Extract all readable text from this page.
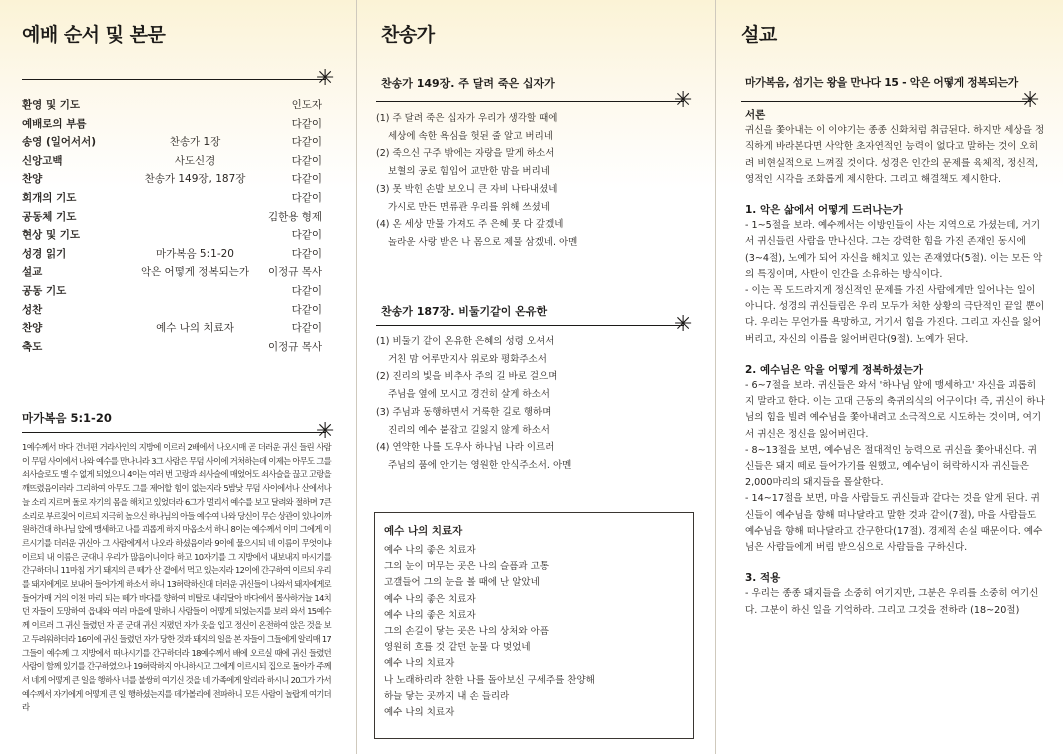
예배 순서 및 본문
✳
환영 및 기도	인도자
예배로의 부름	다같이
송영 (일어서서)	찬송가 1장	다같이
신앙고백	사도신경	다같이
찬양	찬송가 149장, 187장	다같이
회개의 기도	다같이
공동체 기도	김한용 형제
현상 및 기도	다같이
성경 읽기	마가복음 5:1-20	다같이
설교	악은 어떻게 정복되는가	이정규 목사
공동 기도	다같이
성찬	다같이
찬양	예수 나의 치료자	다같이
축도	이정규 목사
마가복음 5:1-20
✳
1예수께서 바다 건너편 거라사인의 지방에 이르러 2배에서 나오시매 곧 더러운 귀신 들린 사람이 무덤 사이에서 나와 예수를 만나니라 3그 사람은 무덤 사이에 거처하는데 이제는 아무도 그를 쇠사슬로도 맬 수 없게 되었으니 4이는 여러 번 고랑과 쇠사슬에 매었어도 쇠사슬을 끊고 고랑을 깨뜨렸음이러라 그리하여 아무도 그를 제어할 힘이 없는지라 5밤낮 무덤 사이에서나 산에서나 늘 소리 지르며 돌로 자기의 몸을 해치고 있었더라 6그가 멀리서 예수를 보고 달려와 절하며 7큰 소리로 부르짖어 이르되 지극히 높으신 하나님의 아들 예수여 나와 당신이 무슨 상관이 있나이까 원하건대 하나님 앞에 맹세하고 나를 괴롭게 하지 마옵소서 하니 8이는 예수께서 이미 그에게 이르시기를 더러운 귀신아 그 사람에게서 나오라 하셨음이라 9이에 물으시되 네 이름이 무엇이냐 이르되 내 이름은 군대니 우리가 많음이니이다 하고 10자기를 그 지방에서 내보내지 마시기를 간구하더니 11마침 거기 돼지의 큰 떼가 산 곁에서 먹고 있는지라 12이에 간구하여 이르되 우리를 돼지에게로 보내어 들어가게 하소서 하니 13허락하신대 더러운 귀신들이 나와서 돼지에게로 들어가매 거의 이천 마리 되는 떼가 바다를 향하여 비탈로 내리달아 바다에서 몰사하거늘 14치던 자들이 도망하여 읍내와 여러 마을에 말하니 사람들이 어떻게 되었는지를 보러 와서 15예수께 이르러 그 귀신 들렸던 자 곧 군대 귀신 지폈던 자가 옷을 입고 정신이 온전하여 앉은 것을 보고 두려워하더라 16이에 귀신 들렸던 자가 당한 것과 돼지의 일을 본 자들이 그들에게 알리매 17그들이 예수께 그 지방에서 떠나시기를 간구하더라 18예수께서 배에 오르실 때에 귀신 들렸던 사람이 함께 있기를 간구하였으나 19허락하지 아니하시고 그에게 이르시되 집으로 돌아가 주께서 네게 어떻게 큰 일을 행하사 너를 불쌍히 여기신 것을 네 가족에게 알리라 하시니 20그가 가서 예수께서 자기에게 어떻게 큰 일 행하셨는지를 데가볼리에 전파하니 모든 사람이 놀랍게 여기더라
찬송가
찬송가 149장. 주 달려 죽은 십자가
✳
(1) 주 달려 죽은 십자가 우리가 생각할 때에
세상에 속한 욕심을 헛된 줄 알고 버리네
(2) 죽으신 구주 밖에는 자랑을 말게 하소서
보혈의 공로 힘입어 교만한 맘을 버리네
(3) 못 박힌 손발 보오니 큰 자비 나타내셨네
가시로 만든 면류관 우리를 위해 쓰셨네
(4) 온 세상 만물 가져도 주 은혜 못 다 갚겠네
놀라운 사랑 받은 나 몸으로 제물 삼겠네. 아멘
찬송가 187장. 비둘기같이 온유한
✳
(1) 비둘기 같이 온유한 은혜의 성령 오셔서
거친 맘 어루만지사 위로와 평화주소서
(2) 진리의 빛을 비추사 주의 길 바로 걸으며
주님을 옆에 모시고 경건히 살게 하소서
(3) 주님과 동행하면서 거룩한 길로 행하며
진리의 예수 붙잡고 길잃지 않게 하소서
(4) 연약한 나를 도우사 하나님 나라 이르러
주님의 품에 안기는 영원한 안식주소서. 아멘
예수 나의 치료자
예수 나의 좋은 치료자
그의 눈이 머무는 곳은 나의 슬픔과 고통
고갤들어 그의 눈을 볼 때에 난 알았네
예수 나의 좋은 치료자
예수 나의 좋은 치료자
그의 손길이 닿는 곳은 나의 상처와 아픔
영원히 흐를 것 같던 눈물 다 멎었네
예수 나의 치료자
나 노래하리라 찬한 나를 돌아보신 구세주를 찬양해
하늘 닿는 곳까지 내 손 들리라
예수 나의 치료자
설교
마가복음, 섬기는 왕을 만나다 15 - 악은 어떻게 정복되는가
✳

서론

귀신을 쫓아내는 이 이야기는 종종 신화처럼 취급된다. 하지만 세상을 정직하게 바라본다면 사악한 초자연적인 능력이 없다고 말하는 것이 오히려 비현실적으로 느껴질 것이다. 성경은 인간의 문제를 육체적, 정신적, 영적인 시각을 조화롭게 제시한다. 그리고 해결책도 제시한다.

1. 악은 삶에서 어떻게 드러나는가

- 1~5절을 보라. 예수께서는 이방인들이 사는 지역으로 가셨는데, 거기서 귀신들린 사람을 만나신다. 그는 강력한 힘을 가진 존재인 동시에(3~4절), 노예가 되어 자신을 해치고 있는 존재였다(5절). 이는 모든 악의 특징이며, 사탄이 인간을 소유하는 방식이다.

- 이는 꼭 도드라지게 정신적인 문제를 가진 사람에게만 일어나는 일이 아니다. 성경의 귀신들림은 우리 모두가 처한 상황의 극단적인 끝일 뿐이다. 우리는 무언가를 욕망하고, 거기서 힘을 가진다. 그리고 자신을 잃어버리고, 자신의 이름을 잃어버린다(9절). 노예가 된다.

2. 예수님은 악을 어떻게 정복하셨는가

- 6~7절을 보라. 귀신들은 와서 '하나님 앞에 맹세하고' 자신을 괴롭히지 말라고 한다. 이는 고대 근동의 축귀의식의 어구이다! 즉, 귀신이 하나님의 힘을 빌려 예수님을 쫓아내려고 소극적으로 시도하는 것이며, 여기서 귀신은 정신을 잃어버린다.

- 8~13절을 보면, 예수님은 절대적인 능력으로 귀신을 쫓아내신다. 귀신들은 돼지 떼로 들어가기를 원했고, 예수님이 허락하시자 귀신들은 2,000마리의 돼지들을 몰살한다.

- 14~17절을 보면, 마을 사람들도 귀신들과 같다는 것을 알게 된다. 귀신들이 예수님을 향해 떠나달라고 말한 것과 같이(7절), 마을 사람들도 예수님을 향해 떠나달라고 간구한다(17절). 경제적 손실 때문이다. 예수님은 사람들에게 버림 받으심으로 사람들을 구하신다.

3. 적용

- 우리는 종종 돼지들을 소중히 여기지만, 그분은 우리를 소중히 여기신다. 그분이 하신 일을 기억하라. 그리고 그것을 전하라 (18~20절)
